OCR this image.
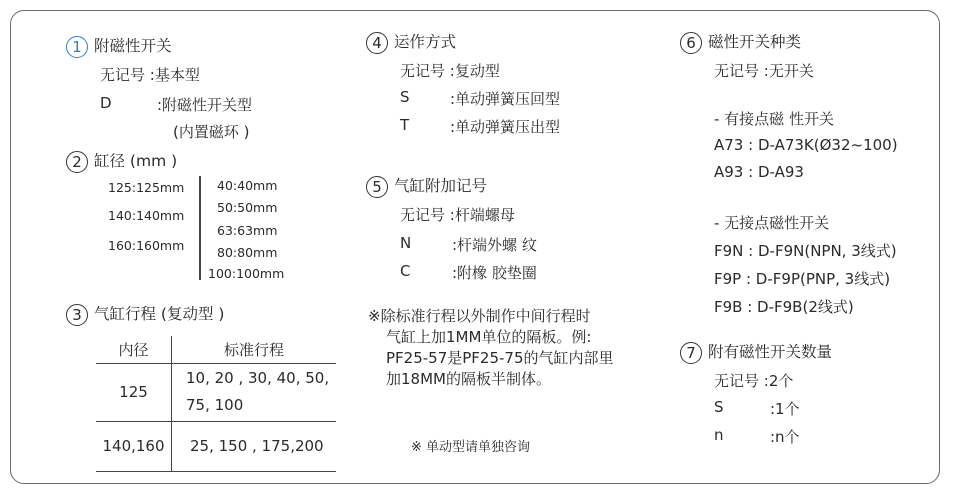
1 附磁性开关
无记号 :基本型
D	:附磁性开关型
(内置磁环 )
2 缸径 (mm )
125:125mm
140:140mm
160:160mm
40:40mm
50:50mm
63:63mm
80:80mm
100:100mm
3 气缸行程 (复动型 )
内径	标准行程
125	10, 20 , 30, 40, 50,
75, 100

140,160	25, 150 , 175,200
4 运作方式
无记号 :复动型
S	:单动弹簧压回型
T	:单动弹簧压出型
5 气缸附加记号
无记号 :杆端螺母
N	:杆端外螺 纹
C	:附橡 胶垫圈
※除标准行程以外制作中间行程时
气缸上加1MM单位的隔板。例:
PF25-57是PF25-75的气缸内部里
加18MM的隔板半制体。
※ 单动型请单独咨询
6 磁性开关种类
无记号 :无开关
- 有接点磁 性开关
A73 : D-A73K(Ø32~100)
A93 : D-A93
- 无接点磁性开关
F9N : D-F9N(NPN, 3线式)
F9P : D-F9P(PNP, 3线式)
F9B : D-F9B(2线式)
7 附有磁性开关数量
无记号 :2个
S	:1个
n	:n个
